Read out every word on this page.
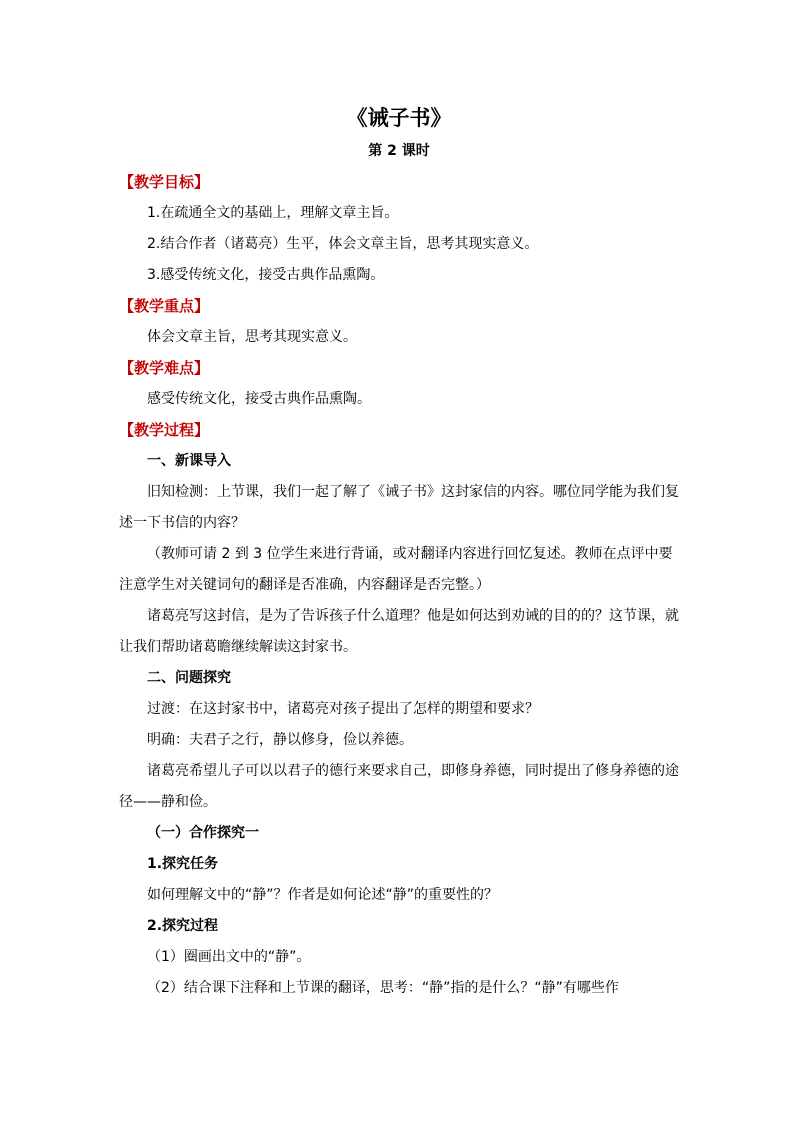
《诫子书》

第 2 课时

【教学目标】

1.在疏通全文的基础上，理解文章主旨。

2.结合作者（诸葛亮）生平，体会文章主旨，思考其现实意义。

3.感受传统文化，接受古典作品熏陶。

【教学重点】

体会文章主旨，思考其现实意义。

【教学难点】

感受传统文化，接受古典作品熏陶。

【教学过程】

一、新课导入

旧知检测：上节课，我们一起了解了《诫子书》这封家信的内容。哪位同学能为我们复述一下书信的内容？

（教师可请 2 到 3 位学生来进行背诵，或对翻译内容进行回忆复述。教师在点评中要注意学生对关键词句的翻译是否准确，内容翻译是否完整。）

诸葛亮写这封信，是为了告诉孩子什么道理？他是如何达到劝诫的目的的？这节课，就让我们帮助诸葛瞻继续解读这封家书。

二、问题探究

过渡：在这封家书中，诸葛亮对孩子提出了怎样的期望和要求？

明确：夫君子之行，静以修身，俭以养德。

诸葛亮希望儿子可以以君子的德行来要求自己，即修身养德，同时提出了修身养德的途径——静和俭。

（一）合作探究一

1.探究任务

如何理解文中的“静”？作者是如何论述“静”的重要性的？

2.探究过程

（1）圈画出文中的“静”。

（2）结合课下注释和上节课的翻译，思考：“静”指的是什么？“静”有哪些作
